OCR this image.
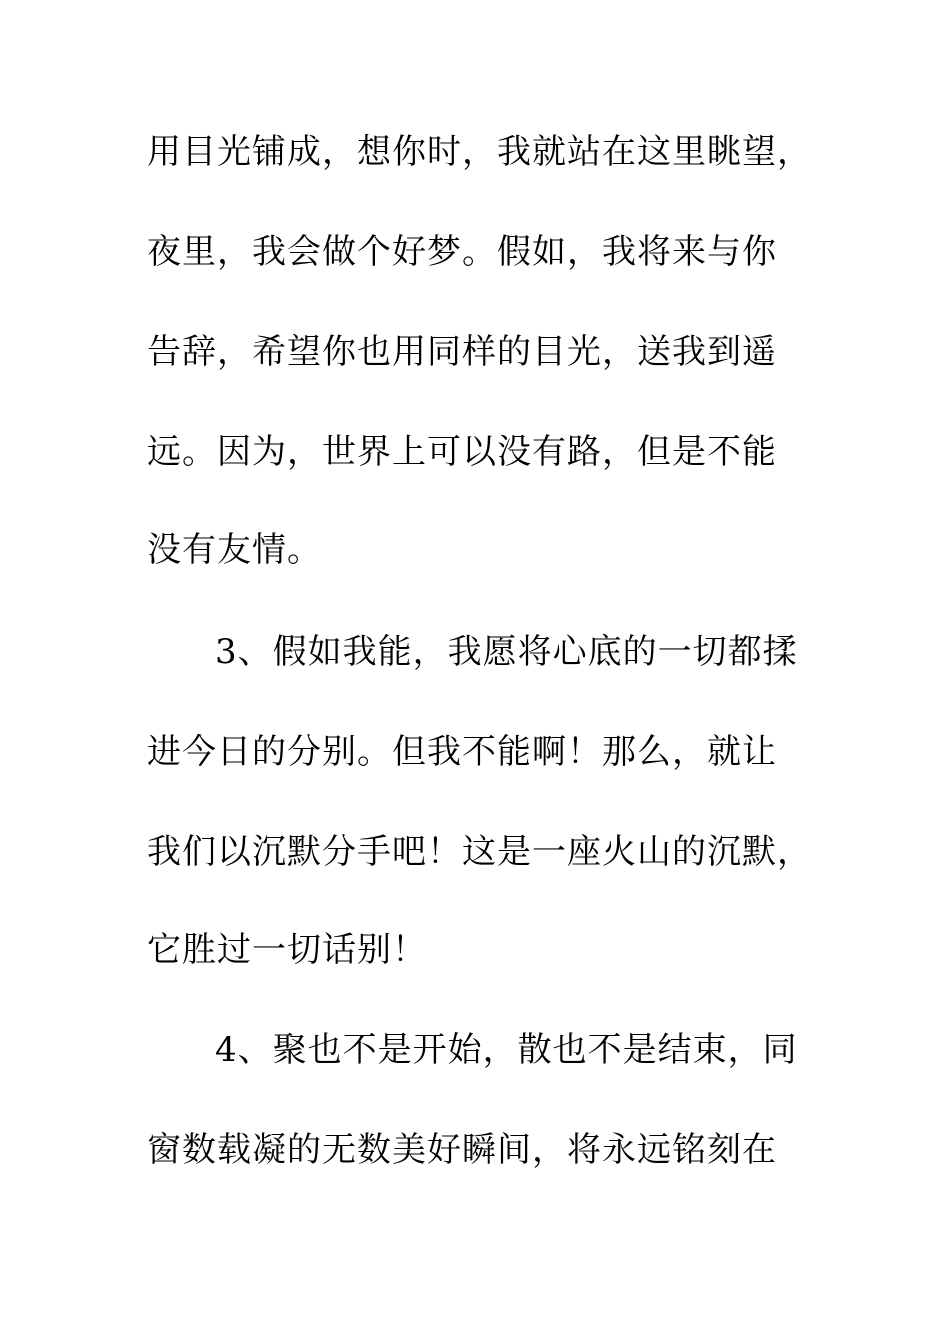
用目光铺成，想你时，我就站在这里眺望，
夜里，我会做个好梦。假如，我将来与你
告辞，希望你也用同样的目光，送我到遥
远。因为，世界上可以没有路，但是不能
没有友情。
3、假如我能，我愿将心底的一切都揉
进今日的分别。但我不能啊！那么，就让
我们以沉默分手吧！这是一座火山的沉默，
它胜过一切话别！
4、聚也不是开始，散也不是结束，同
窗数载凝的无数美好瞬间，将永远铭刻在
